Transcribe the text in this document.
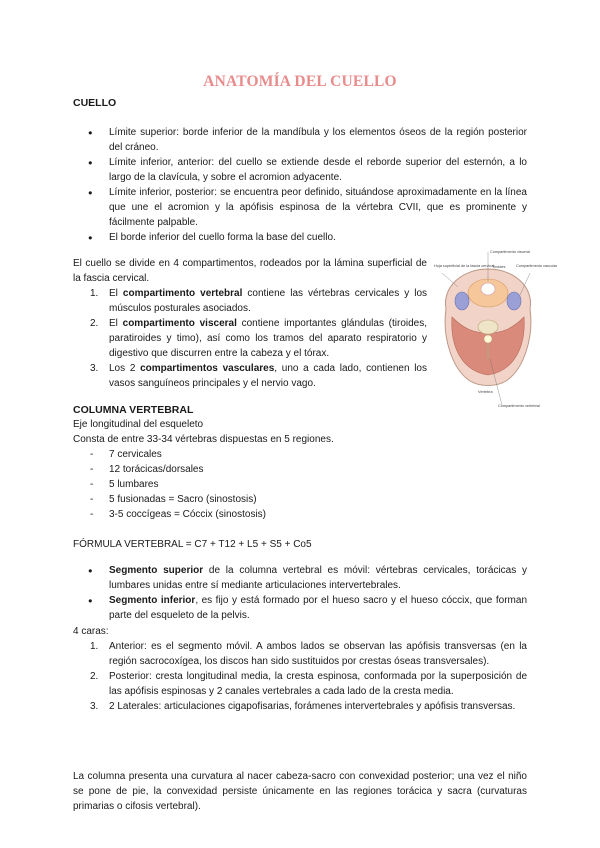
ANATOMÍA DEL CUELLO
CUELLO
● Límite superior: borde inferior de la mandíbula y los elementos óseos de la región posterior del cráneo.
● Límite inferior, anterior: del cuello se extiende desde el reborde superior del esternón, a lo largo de la clavícula, y sobre el acromion adyacente.
● Límite inferior, posterior: se encuentra peor definido, situándose aproximadamente en la línea que une el acromion y la apófisis espinosa de la vértebra CVII, que es prominente y fácilmente palpable.
● El borde inferior del cuello forma la base del cuello.
El cuello se divide en 4 compartimentos, rodeados por la lámina superficial de la fascia cervical.
1. El compartimento vertebral contiene las vértebras cervicales y los músculos posturales asociados.
2. El compartimento visceral contiene importantes glándulas (tiroides, paratiroides y timo), así como los tramos del aparato respiratorio y digestivo que discurren entre la cabeza y el tórax.
3. Los 2 compartimentos vasculares, uno a cada lado, contienen los vasos sanguíneos principales y el nervio vago.
Compartimento visceral
Hoja superficial de la fascia cervical
Tiroides	Compartimento vascular
Vértebra
Compartimento vertebral
COLUMNA VERTEBRAL
Eje longitudinal del esqueleto
Consta de entre 33-34 vértebras dispuestas en 5 regiones.
- 7 cervicales
- 12 torácicas/dorsales
- 5 lumbares
- 5 fusionadas = Sacro (sinostosis)
- 3-5 coccígeas = Cóccix (sinostosis)
FÓRMULA VERTEBRAL = C7 + T12 + L5 + S5 + Co5
● Segmento superior de la columna vertebral es móvil: vértebras cervicales, torácicas y lumbares unidas entre sí mediante articulaciones intervertebrales.
● Segmento inferior, es fijo y está formado por el hueso sacro y el hueso cóccix, que forman parte del esqueleto de la pelvis.
4 caras:
1. Anterior: es el segmento móvil. A ambos lados se observan las apófisis transversas (en la región sacrocoxígea, los discos han sido sustituidos por crestas óseas transversales).
2. Posterior: cresta longitudinal media, la cresta espinosa, conformada por la superposición de las apófisis espinosas y 2 canales vertebrales a cada lado de la cresta media.
3. 2 Laterales: articulaciones cigapofisarias, forámenes intervertebrales y apófisis transversas.
La columna presenta una curvatura al nacer cabeza-sacro con convexidad posterior; una vez el niño se pone de pie, la convexidad persiste únicamente en las regiones torácica y sacra (curvaturas primarias o cifosis vertebral).
